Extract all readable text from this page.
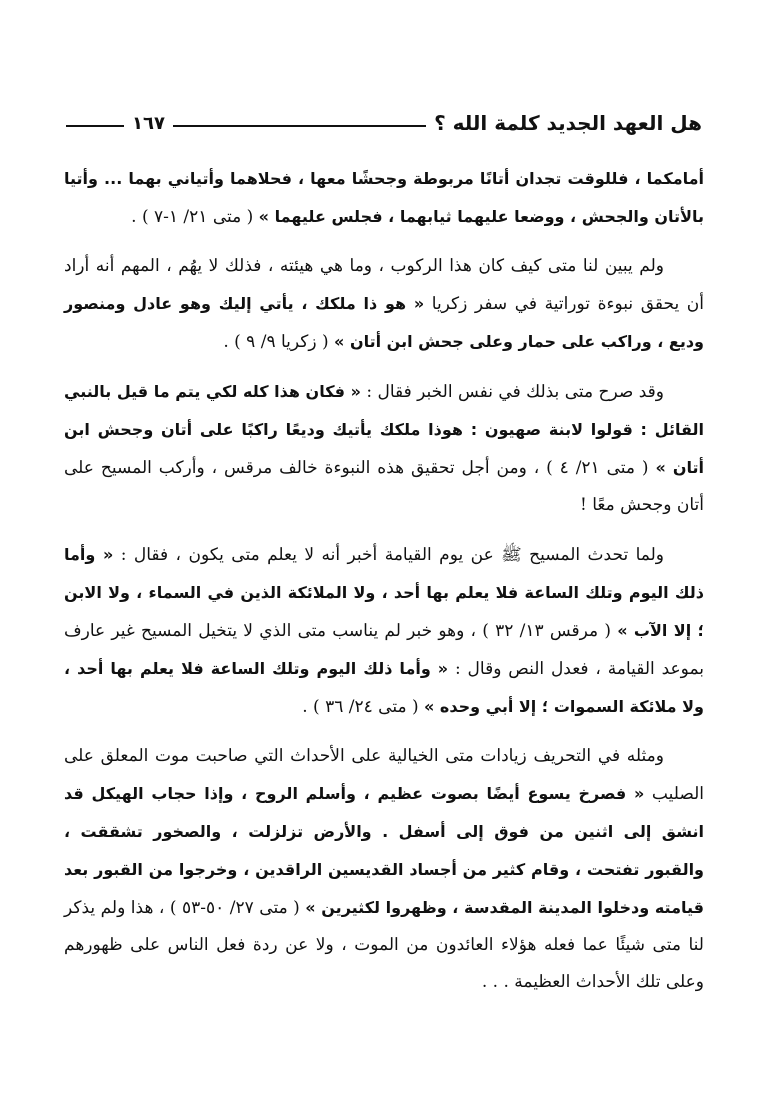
هل العهد الجديد كلمة الله ؟
١٦٧

أمامكما ، فللوقت تجدان أتانًا مربوطة وجحشًا معها ، فحلاهما وأتياني بهما ... وأتيا بالأتان والجحش ، ووضعا عليهما ثيابهما ، فجلس عليهما » ( متى ٢١/ ١-٧ ) .

ولم يبين لنا متى كيف كان هذا الركوب ، وما هي هيئته ، فذلك لا يهُم ، المهم أنه أراد أن يحقق نبوءة توراتية في سفر زكريا « هو ذا ملكك ، يأتي إليك وهو عادل ومنصور وديع ، وراكب على حمار وعلى جحش ابن أتان » ( زكريا ٩/ ٩ ) .

وقد صرح متى بذلك في نفس الخبر فقال : « فكان هذا كله لكي يتم ما قيل بالنبي القائل : قولوا لابنة صهيون : هوذا ملكك يأتيك وديعًا راكبًا على أتان وجحش ابن أتان » ( متى ٢١/ ٤ ) ، ومن أجل تحقيق هذه النبوءة خالف مرقس ، وأركب المسيح على أتان وجحش معًا !

ولما تحدث المسيح ﷺ عن يوم القيامة أخبر أنه لا يعلم متى يكون ، فقال : « وأما ذلك اليوم وتلك الساعة فلا يعلم بها أحد ، ولا الملائكة الذين في السماء ، ولا الابن ؛ إلا الآب » ( مرقس ١٣/ ٣٢ ) ، وهو خبر لم يناسب متى الذي لا يتخيل المسيح غير عارف بموعد القيامة ، فعدل النص وقال : « وأما ذلك اليوم وتلك الساعة فلا يعلم بها أحد ، ولا ملائكة السموات ؛ إلا أبي وحده » ( متى ٢٤/ ٣٦ ) .

ومثله في التحريف زيادات متى الخيالية على الأحداث التي صاحبت موت المعلق على الصليب « فصرخ يسوع أيضًا بصوت عظيم ، وأسلم الروح ، وإذا حجاب الهيكل قد انشق إلى اثنين من فوق إلى أسفل . والأرض تزلزلت ، والصخور تشققت ، والقبور تفتحت ، وقام كثير من أجساد القديسين الراقدين ، وخرجوا من القبور بعد قيامته ودخلوا المدينة المقدسة ، وظهروا لكثيرين » ( متى ٢٧/ ٥٠-٥٣ ) ، هذا ولم يذكر لنا متى شيئًا عما فعله هؤلاء العائدون من الموت ، ولا عن ردة فعل الناس على ظهورهم وعلى تلك الأحداث العظيمة . . .
